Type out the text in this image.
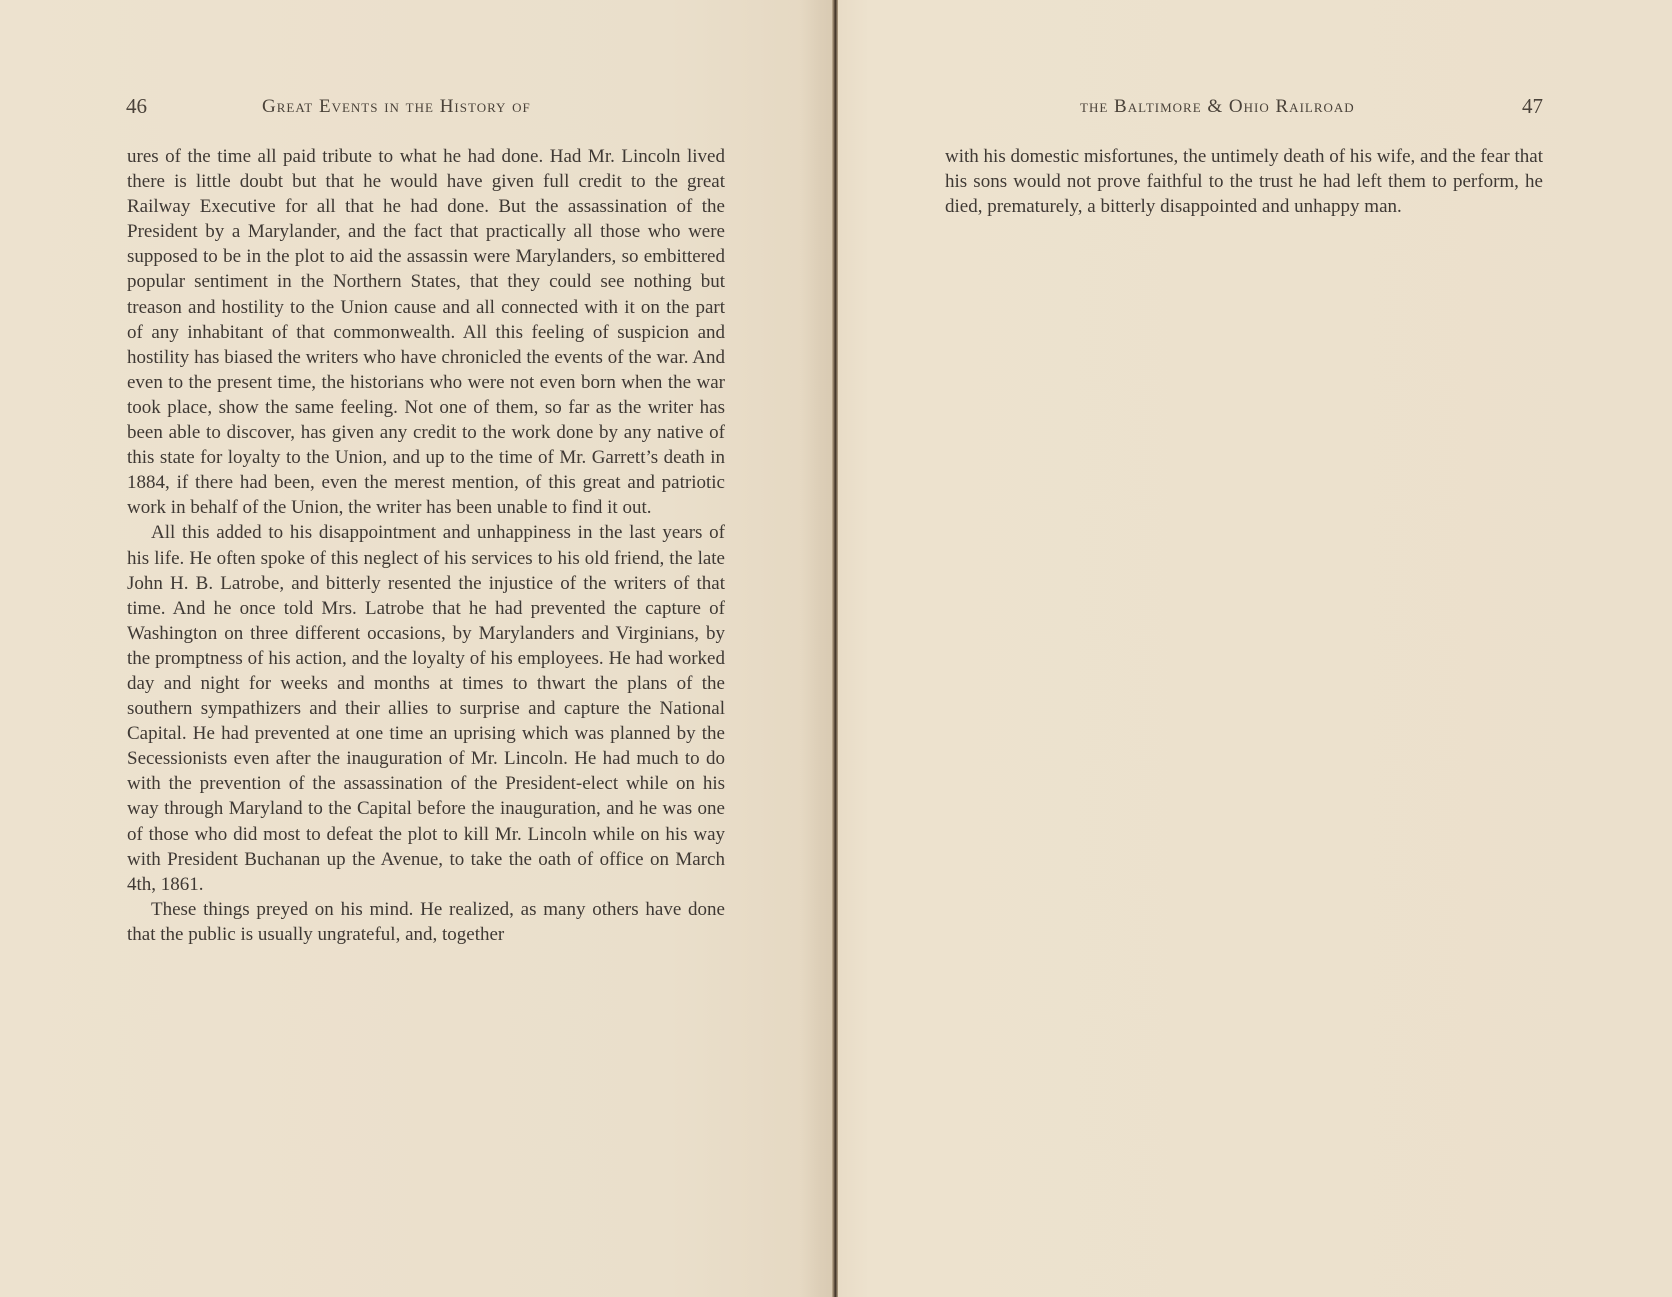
46	Great Events in the History of

ures of the time all paid tribute to what he had done. Had Mr. Lincoln lived there is little doubt but that he would have given full credit to the great Railway Executive for all that he had done. But the assassination of the President by a Marylander, and the fact that practically all those who were supposed to be in the plot to aid the assassin were Marylanders, so embittered popular sentiment in the Northern States, that they could see nothing but treason and hostility to the Union cause and all connected with it on the part of any inhabitant of that commonwealth. All this feeling of suspicion and hostility has biased the writers who have chronicled the events of the war. And even to the present time, the historians who were not even born when the war took place, show the same feeling. Not one of them, so far as the writer has been able to discover, has given any credit to the work done by any native of this state for loyalty to the Union, and up to the time of Mr. Garrett’s death in 1884, if there had been, even the merest mention, of this great and patriotic work in behalf of the Union, the writer has been unable to find it out.

All this added to his disappointment and unhappiness in the last years of his life. He often spoke of this neglect of his services to his old friend, the late John H. B. Latrobe, and bitterly resented the injustice of the writers of that time. And he once told Mrs. Latrobe that he had prevented the capture of Washington on three different occasions, by Marylanders and Virginians, by the promptness of his action, and the loyalty of his employees. He had worked day and night for weeks and months at times to thwart the plans of the southern sympathizers and their allies to surprise and capture the National Capital. He had prevented at one time an uprising which was planned by the Secessionists even after the inauguration of Mr. Lincoln. He had much to do with the prevention of the assassination of the President-elect while on his way through Maryland to the Capital before the inauguration, and he was one of those who did most to defeat the plot to kill Mr. Lincoln while on his way with President Buchanan up the Avenue, to take the oath of office on March 4th, 1861.

These things preyed on his mind. He realized, as many others have done that the public is usually ungrateful, and, together

the Baltimore & Ohio Railroad	47

with his domestic misfortunes, the untimely death of his wife, and the fear that his sons would not prove faithful to the trust he had left them to perform, he died, prematurely, a bitterly disappointed and unhappy man.
